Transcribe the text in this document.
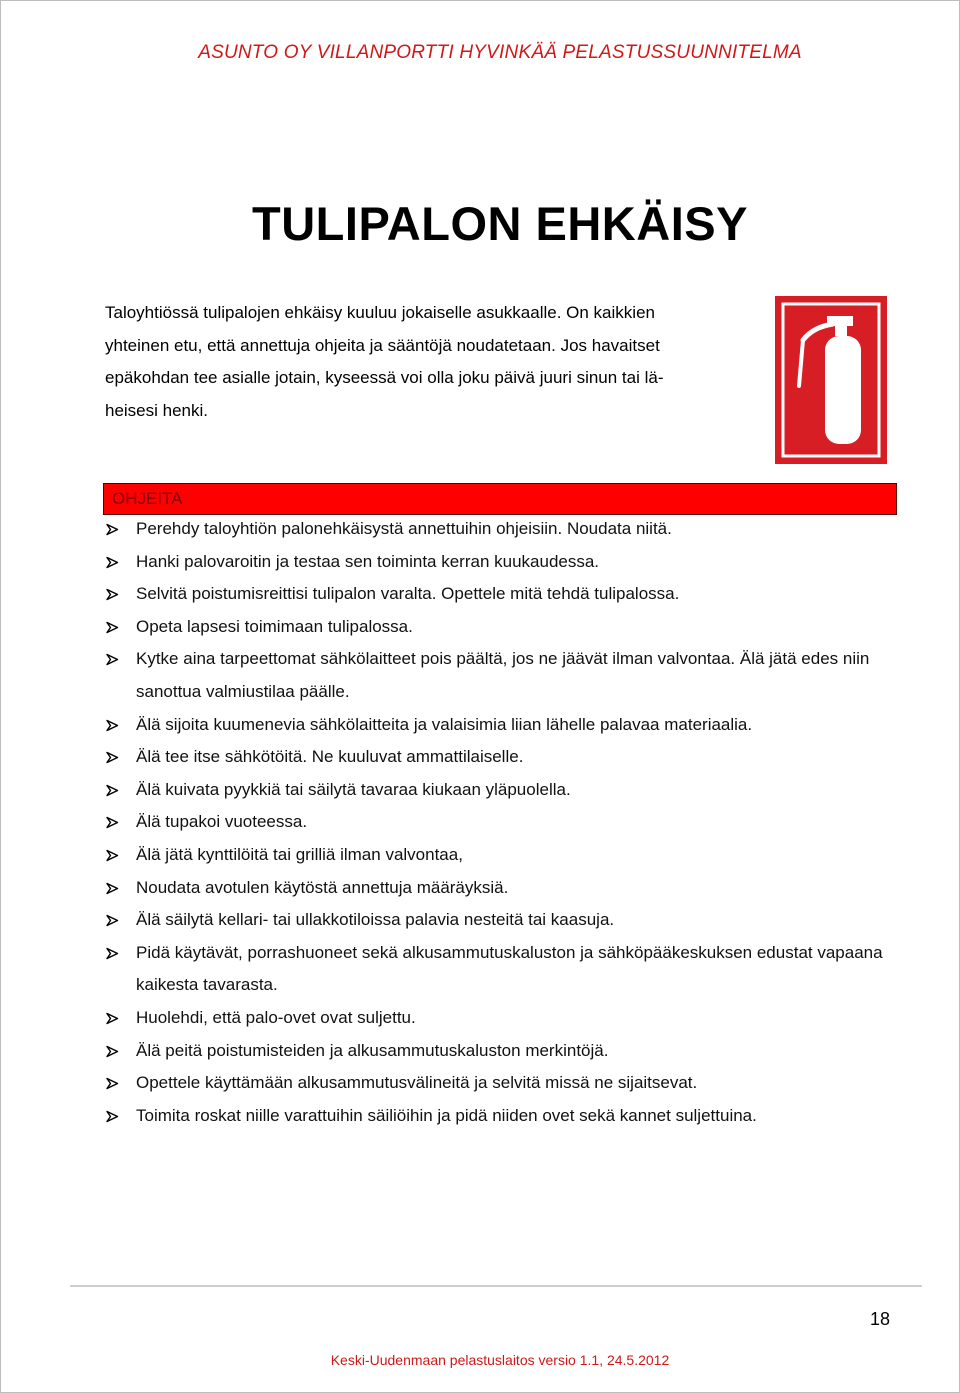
ASUNTO OY VILLANPORTTI HYVINKÄÄ PELASTUSSUUNNITELMA
TULIPALON EHKÄISY

Taloyhtiössä tulipalojen ehkäisy kuuluu jokaiselle asukkaalle. On kaikkien
yhteinen etu, että annettuja ohjeita ja sääntöjä noudatetaan. Jos havaitset
epäkohdan tee asialle jotain, kyseessä voi olla joku päivä juuri sinun tai lä-
heisesi henki.

OHJEITA
Perehdy taloyhtiön palonehkäisystä annettuihin ohjeisiin. Noudata niitä.
Hanki palovaroitin ja testaa sen toiminta kerran kuukaudessa.
Selvitä poistumisreittisi tulipalon varalta. Opettele mitä tehdä tulipalossa.
Opeta lapsesi toimimaan tulipalossa.
Kytke aina tarpeettomat sähkölaitteet pois päältä, jos ne jäävät ilman valvontaa. Älä jätä edes niin sanottua valmiustilaa päälle.
Älä sijoita kuumenevia sähkölaitteita ja valaisimia liian lähelle palavaa materiaalia.
Älä tee itse sähkötöitä. Ne kuuluvat ammattilaiselle.
Älä kuivata pyykkiä tai säilytä tavaraa kiukaan yläpuolella.
Älä tupakoi vuoteessa.
Älä jätä kynttilöitä tai grilliä ilman valvontaa,
Noudata avotulen käytöstä annettuja määräyksiä.
Älä säilytä kellari- tai ullakkotiloissa palavia nesteitä tai kaasuja.
Pidä käytävät, porrashuoneet sekä alkusammutuskaluston ja sähköpääkeskuksen edustat vapaana kaikesta tavarasta.
Huolehdi, että palo-ovet ovat suljettu.
Älä peitä poistumisteiden ja alkusammutuskaluston merkintöjä.
Opettele käyttämään alkusammutusvälineitä ja selvitä missä ne sijaitsevat.
Toimita roskat niille varattuihin säiliöihin ja pidä niiden ovet sekä kannet suljettuina.
18
Keski-Uudenmaan pelastuslaitos versio 1.1, 24.5.2012
